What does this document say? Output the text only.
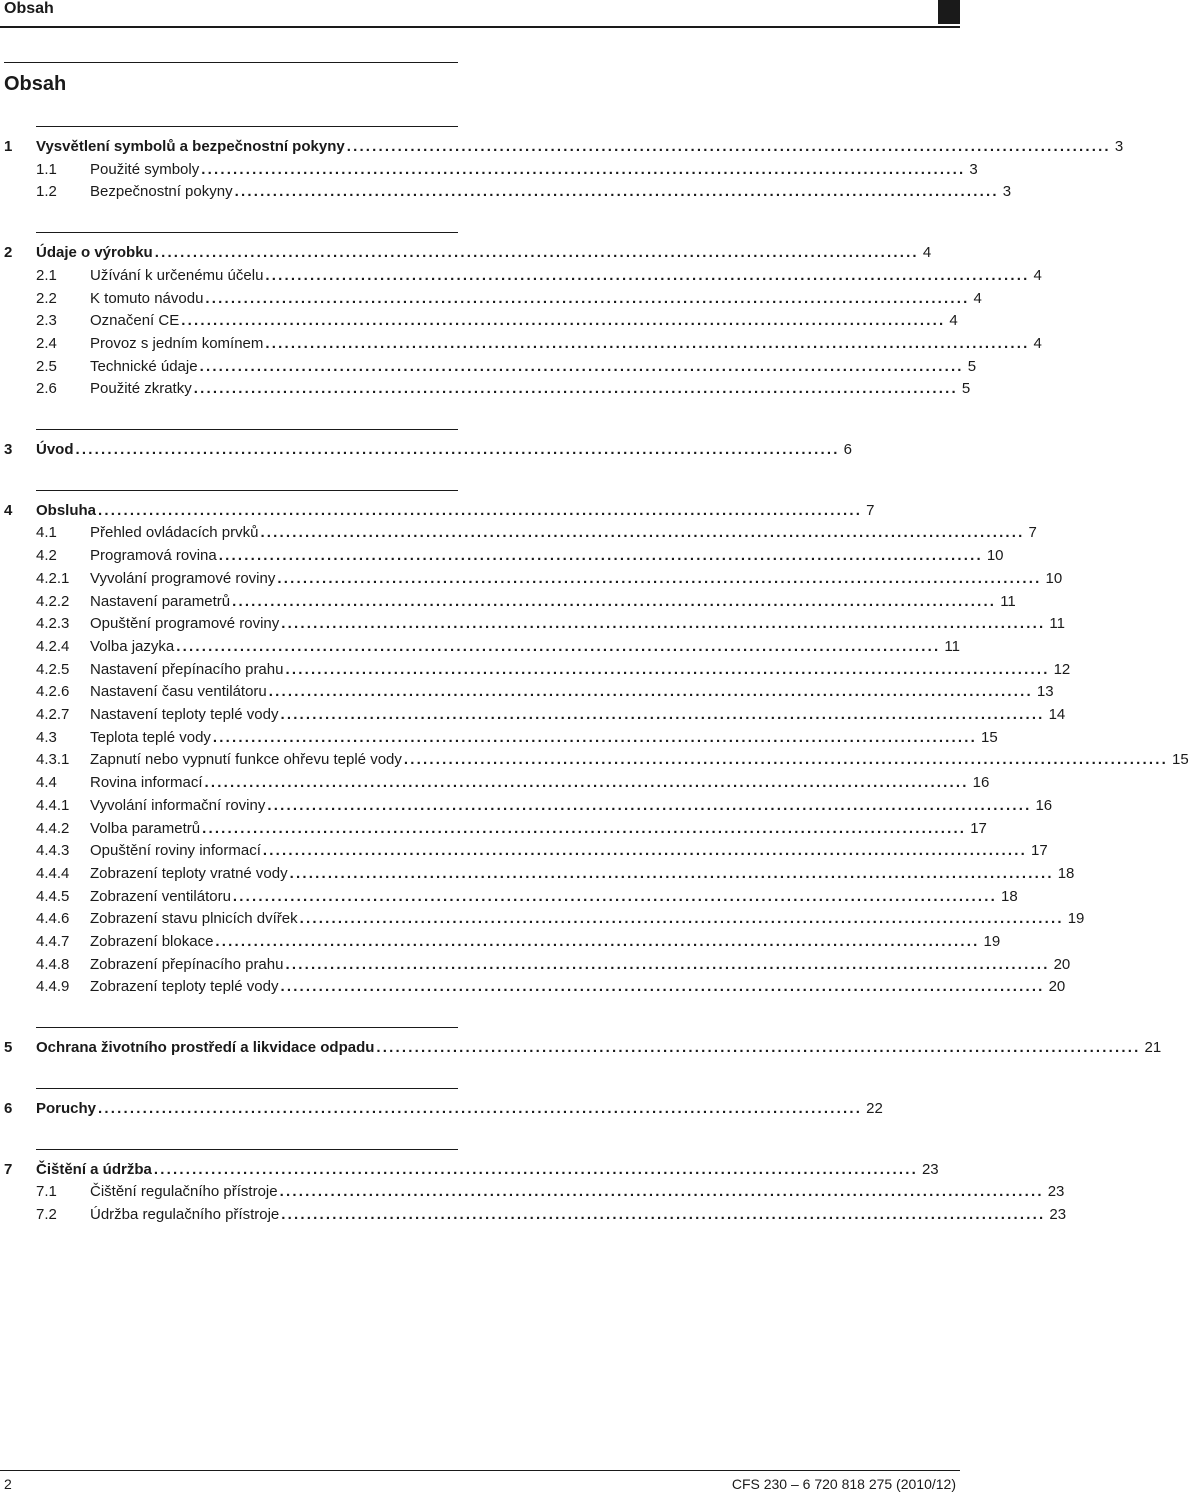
Obsah
Obsah
1 Vysvětlení symbolů a bezpečnostní pokyny ........................................................................................................................ 3
1.1 Použité symboly ........................................................................................................................ 3
1.2 Bezpečnostní pokyny ........................................................................................................................ 3
2 Údaje o výrobku ........................................................................................................................ 4
2.1 Užívání k určenému účelu ........................................................................................................................ 4
2.2 K tomuto návodu ........................................................................................................................ 4
2.3 Označení CE ........................................................................................................................ 4
2.4 Provoz s jedním komínem ........................................................................................................................ 4
2.5 Technické údaje ........................................................................................................................ 5
2.6 Použité zkratky ........................................................................................................................ 5
3 Úvod ........................................................................................................................ 6
4 Obsluha ........................................................................................................................ 7
4.1 Přehled ovládacích prvků ........................................................................................................................ 7
4.2 Programová rovina ........................................................................................................................ 10
4.2.1 Vyvolání programové roviny ........................................................................................................................ 10
4.2.2 Nastavení parametrů ........................................................................................................................ 11
4.2.3 Opuštění programové roviny ........................................................................................................................ 11
4.2.4 Volba jazyka ........................................................................................................................ 11
4.2.5 Nastavení přepínacího prahu ........................................................................................................................ 12
4.2.6 Nastavení času ventilátoru ........................................................................................................................ 13
4.2.7 Nastavení teploty teplé vody ........................................................................................................................ 14
4.3 Teplota teplé vody ........................................................................................................................ 15
4.3.1 Zapnutí nebo vypnutí funkce ohřevu teplé vody ........................................................................................................................ 15
4.4 Rovina informací ........................................................................................................................ 16
4.4.1 Vyvolání informační roviny ........................................................................................................................ 16
4.4.2 Volba parametrů ........................................................................................................................ 17
4.4.3 Opuštění roviny informací ........................................................................................................................ 17
4.4.4 Zobrazení teploty vratné vody ........................................................................................................................ 18
4.4.5 Zobrazení ventilátoru ........................................................................................................................ 18
4.4.6 Zobrazení stavu plnicích dvířek ........................................................................................................................ 19
4.4.7 Zobrazení blokace ........................................................................................................................ 19
4.4.8 Zobrazení přepínacího prahu ........................................................................................................................ 20
4.4.9 Zobrazení teploty teplé vody ........................................................................................................................ 20
5 Ochrana životního prostředí a likvidace odpadu ........................................................................................................................ 21
6 Poruchy ........................................................................................................................ 22
7 Čištění a údržba ........................................................................................................................ 23
7.1 Čištění regulačního přístroje ........................................................................................................................ 23
7.2 Údržba regulačního přístroje ........................................................................................................................ 23
2	CFS 230 – 6 720 818 275 (2010/12)
